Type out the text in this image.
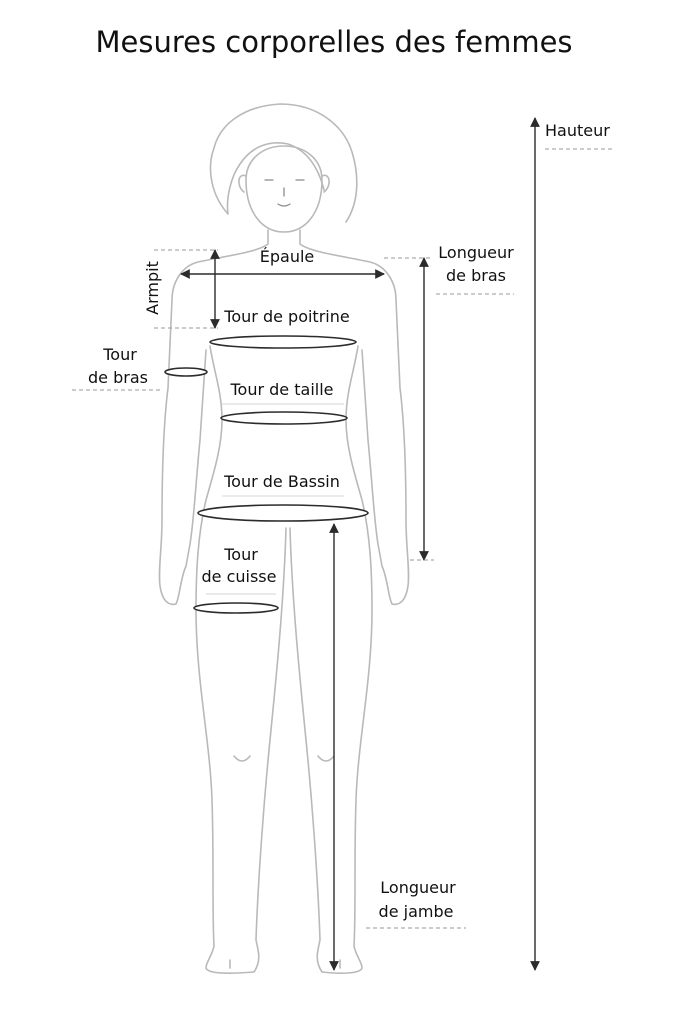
Mesures corporelles des femmes
Hauteur
Épaule
Armpit
Longueur
de bras
Tour de poitrine
Tour
de bras
Tour de taille
Tour de Bassin
Tour
de cuisse
Longueur
de jambe
